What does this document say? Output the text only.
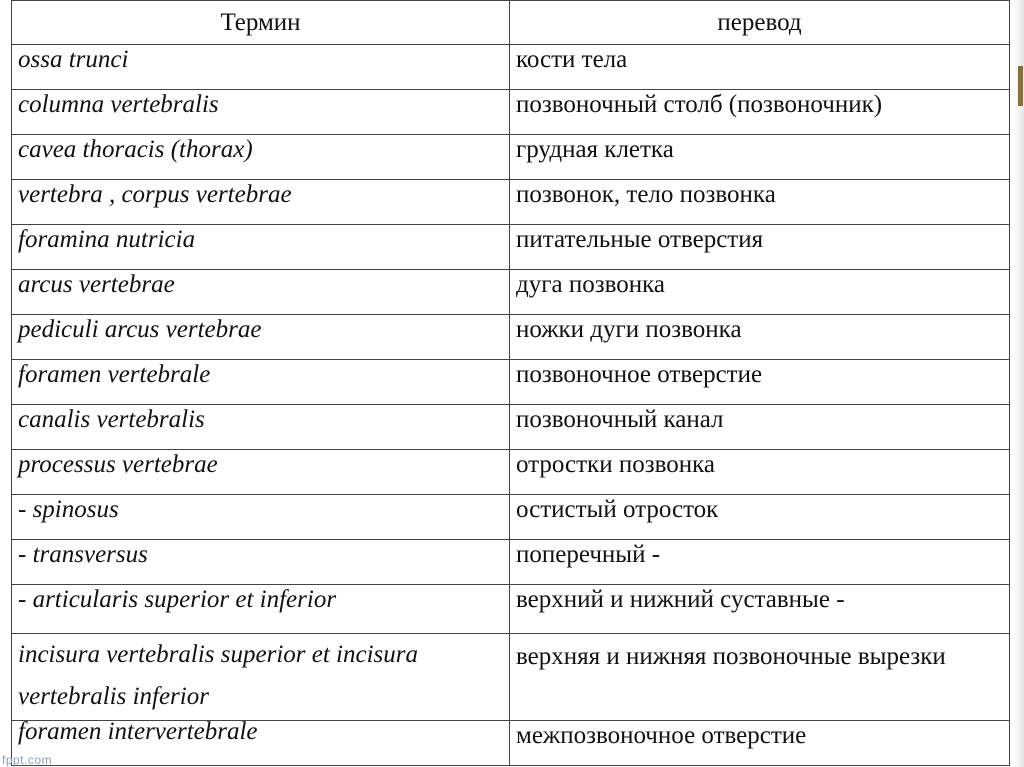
Термин	перевод
ossa trunci	кости тела
columna vertebralis	позвоночный столб (позвоночник)
cavea thoracis (thorax)	грудная клетка
vertebra , corpus vertebrae	позвонок, тело позвонка
foramina nutricia	питательные отверстия
arcus vertebrae	дуга позвонка
pediculi arcus vertebrae	ножки дуги позвонка
foramen vertebrale	позвоночное отверстие
canalis vertebralis	позвоночный канал
processus vertebrae	отростки позвонка
- spinosus	остистый отросток
- transversus	поперечный -
- articularis superior et inferior	верхний и нижний суставные -
incisura vertebralis superior et incisura vertebralis inferior	верхняя и нижняя позвоночные вырезки
foramen intervertebrale	межпозвоночное отверстие
fppt.com
